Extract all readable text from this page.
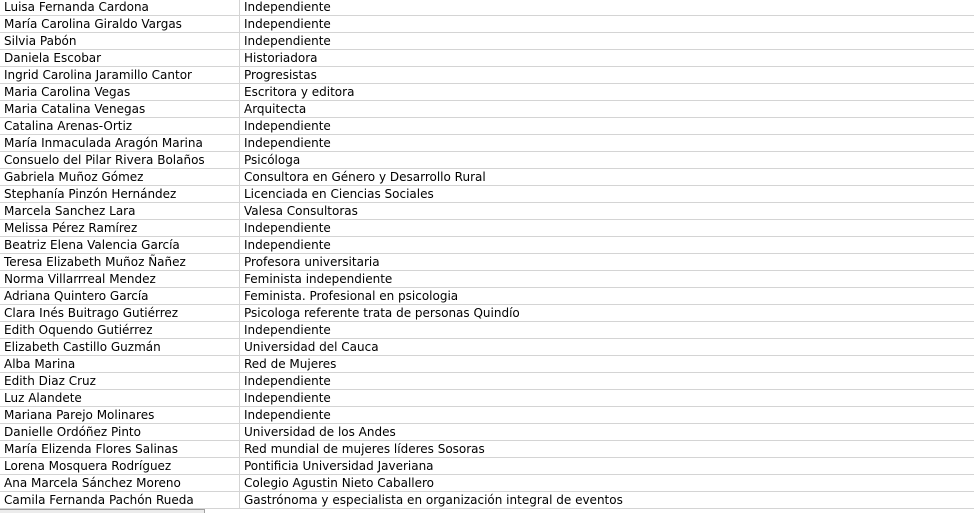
Luisa Fernanda Cardona	Independiente
María Carolina Giraldo Vargas	Independiente
Silvia Pabón	Independiente
Daniela Escobar	Historiadora
Ingrid Carolina Jaramillo Cantor	Progresistas
Maria Carolina Vegas	Escritora y editora
Maria Catalina Venegas	Arquitecta
Catalina Arenas-Ortiz	Independiente
María Inmaculada Aragón Marina	Independiente
Consuelo del Pilar Rivera Bolaños	Psicóloga
Gabriela Muñoz Gómez	Consultora en Género y Desarrollo Rural
Stephanía Pinzón Hernández	Licenciada en Ciencias Sociales
Marcela Sanchez Lara	Valesa Consultoras
Melissa Pérez Ramírez	Independiente
Beatriz Elena Valencia García	Independiente
Teresa Elizabeth Muñoz Ñañez	Profesora universitaria
Norma Villarrreal Mendez	Feminista independiente
Adriana Quintero García	Feminista. Profesional en psicologia
Clara Inés Buitrago Gutiérrez	Psicologa referente trata de personas Quindío
Edith Oquendo Gutiérrez	Independiente
Elizabeth Castillo Guzmán	Universidad del Cauca
Alba Marina	Red de Mujeres
Edith Diaz Cruz	Independiente
Luz Alandete	Independiente
Mariana Parejo Molinares	Independiente
Danielle Ordóñez Pinto	Universidad de los Andes
María Elizenda Flores Salinas	Red mundial de mujeres líderes Sosoras
Lorena Mosquera Rodríguez	Pontificia Universidad Javeriana
Ana Marcela Sánchez Moreno	Colegio Agustin Nieto Caballero
Camila Fernanda Pachón Rueda	Gastrónoma y especialista en organización integral de eventos
